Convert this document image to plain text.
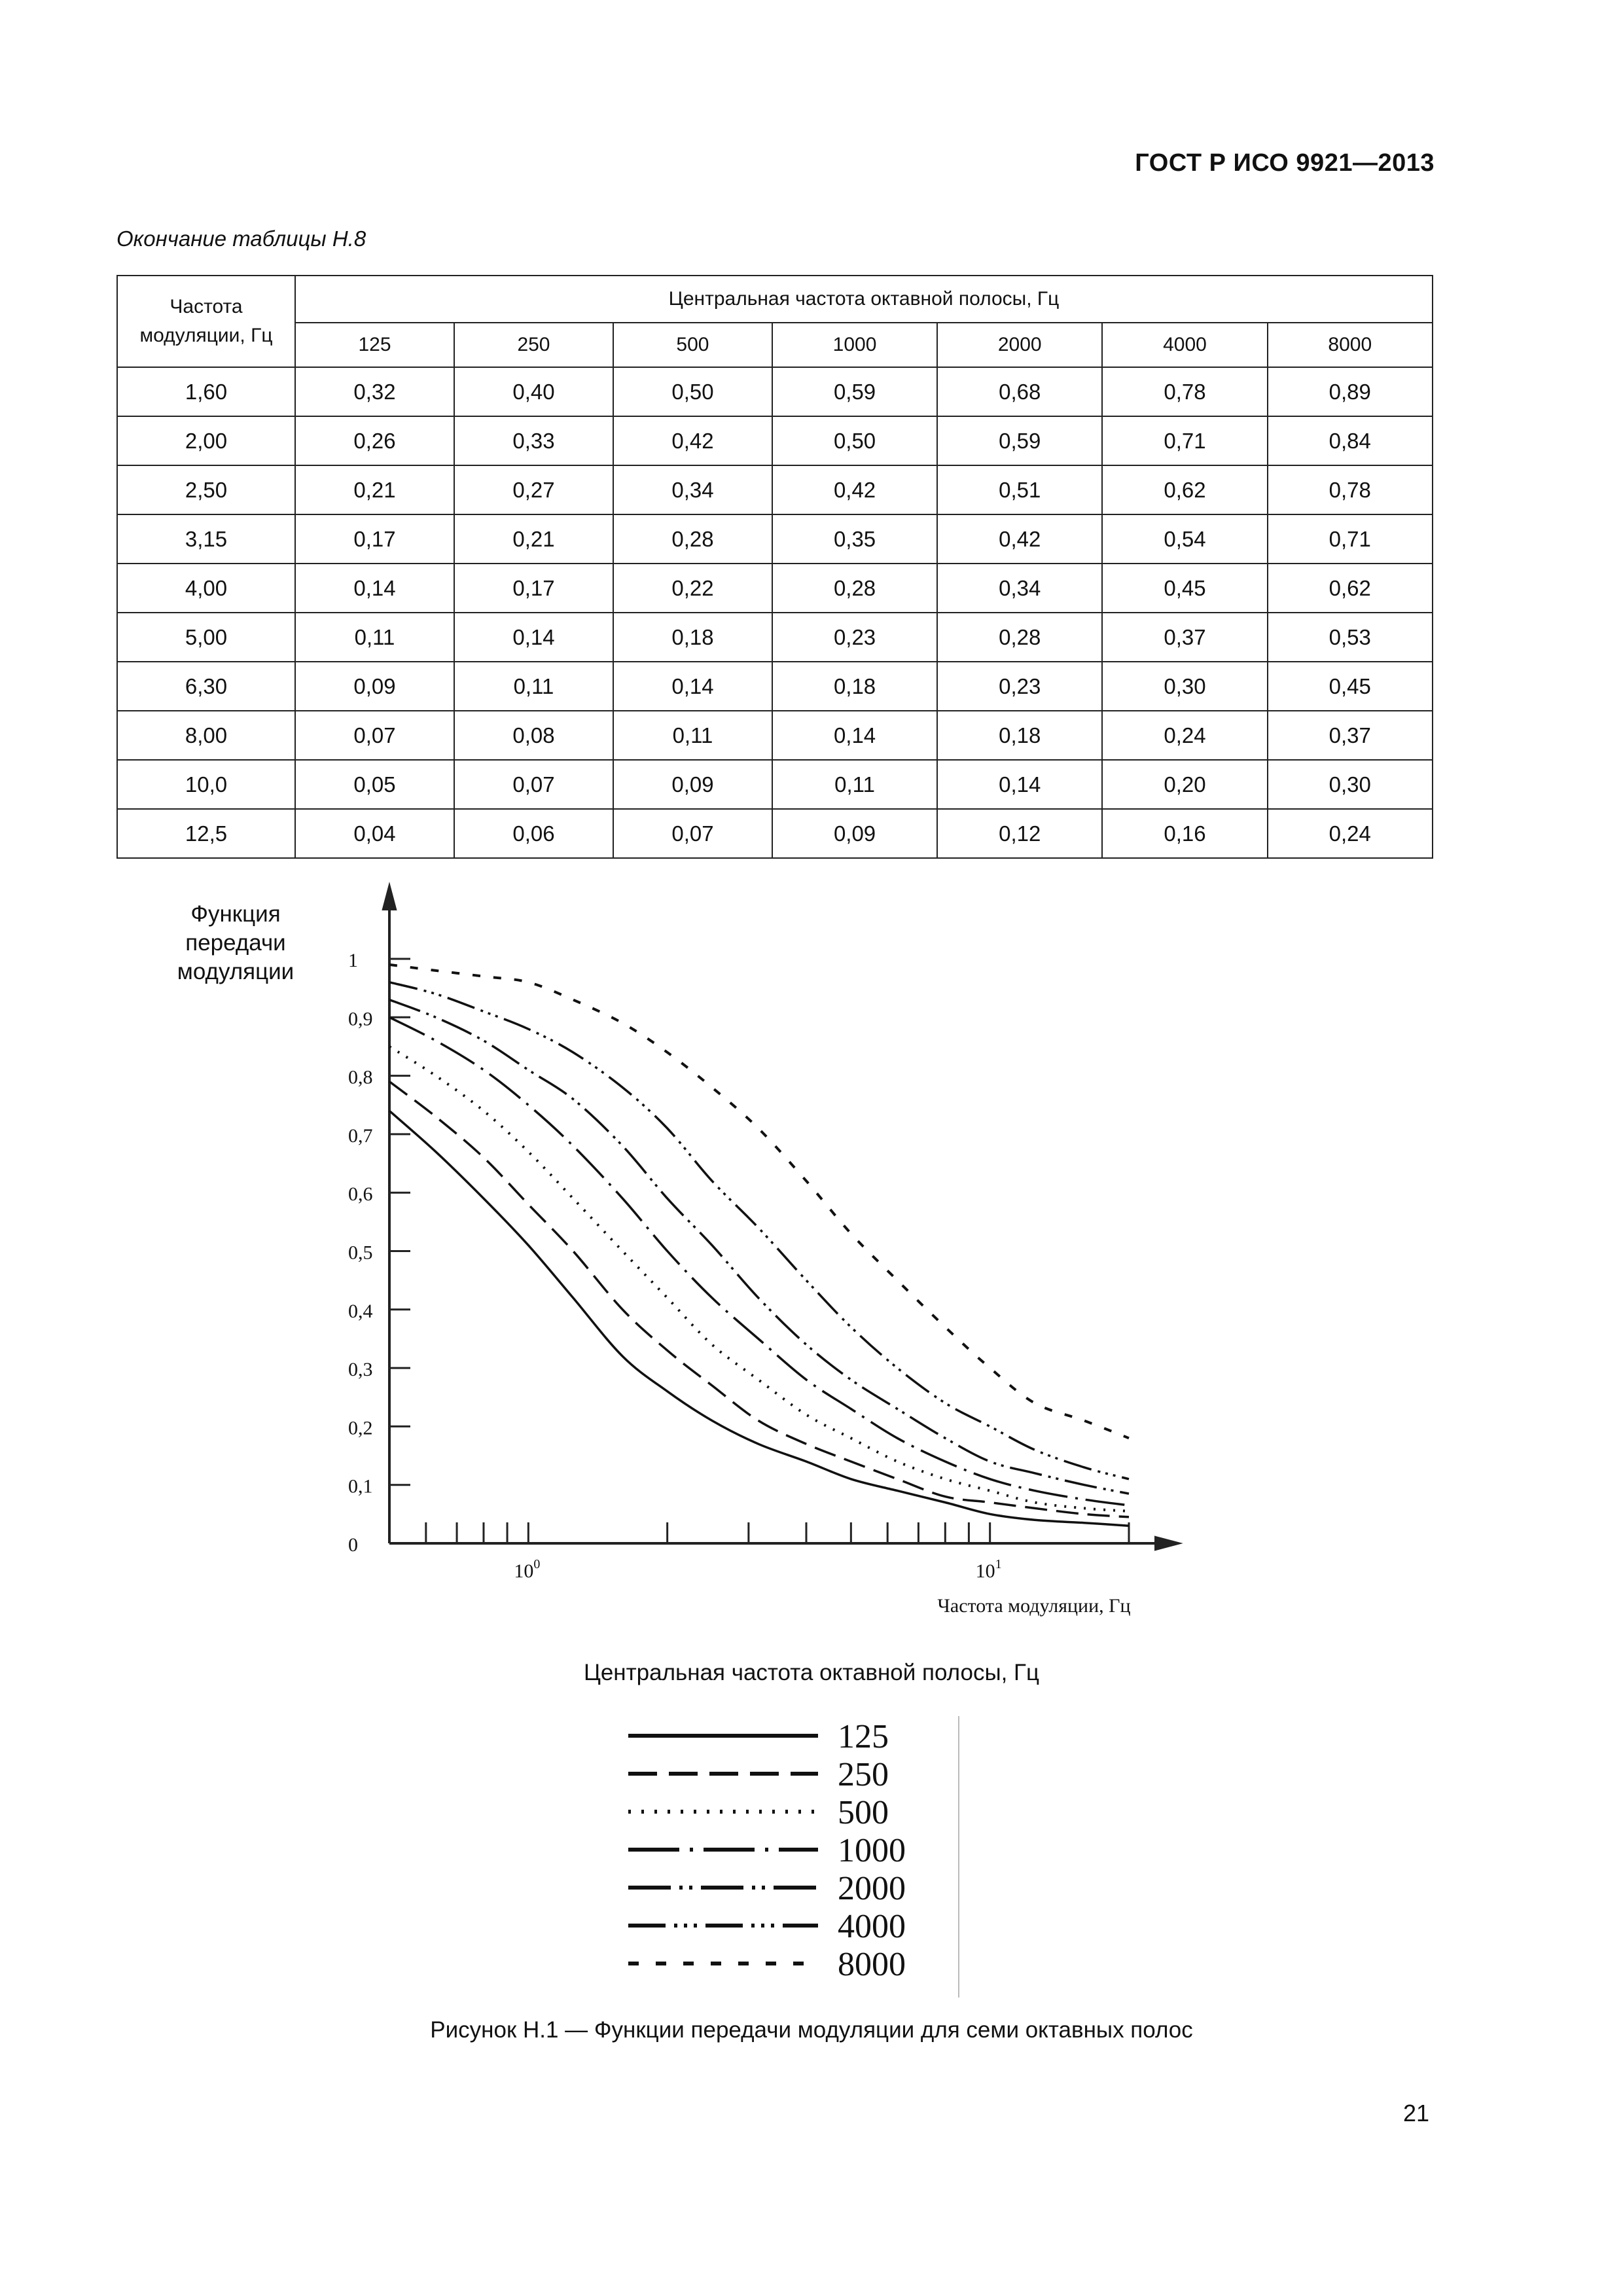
ГОСТ Р ИСО 9921—2013
Окончание таблицы Н.8
Частота
модуляции, Гц	Центральная частота октавной полосы, Гц						
	125	250	500	1000	2000	4000	8000
1,60	0,32	0,40	0,50	0,59	0,68	0,78	0,89
2,00	0,26	0,33	0,42	0,50	0,59	0,71	0,84
2,50	0,21	0,27	0,34	0,42	0,51	0,62	0,78
3,15	0,17	0,21	0,28	0,35	0,42	0,54	0,71
4,00	0,14	0,17	0,22	0,28	0,34	0,45	0,62
5,00	0,11	0,14	0,18	0,23	0,28	0,37	0,53
6,30	0,09	0,11	0,14	0,18	0,23	0,30	0,45
8,00	0,07	0,08	0,11	0,14	0,18	0,24	0,37
10,0	0,05	0,07	0,09	0,11	0,14	0,20	0,30
12,5	0,04	0,06	0,07	0,09	0,12	0,16	0,24
Функция
передачи
модуляции
0
0,1
0,2
0,3
0,4
0,5
0,6
0,7
0,8
0,9
1
$10^0$	$10^1$
Частота модуляции, Гц
Центральная частота октавной полосы, Гц
125
250
500
1000
2000
4000
8000
Рисунок Н.1 — Функции передачи модуляции для семи октавных полос
21
